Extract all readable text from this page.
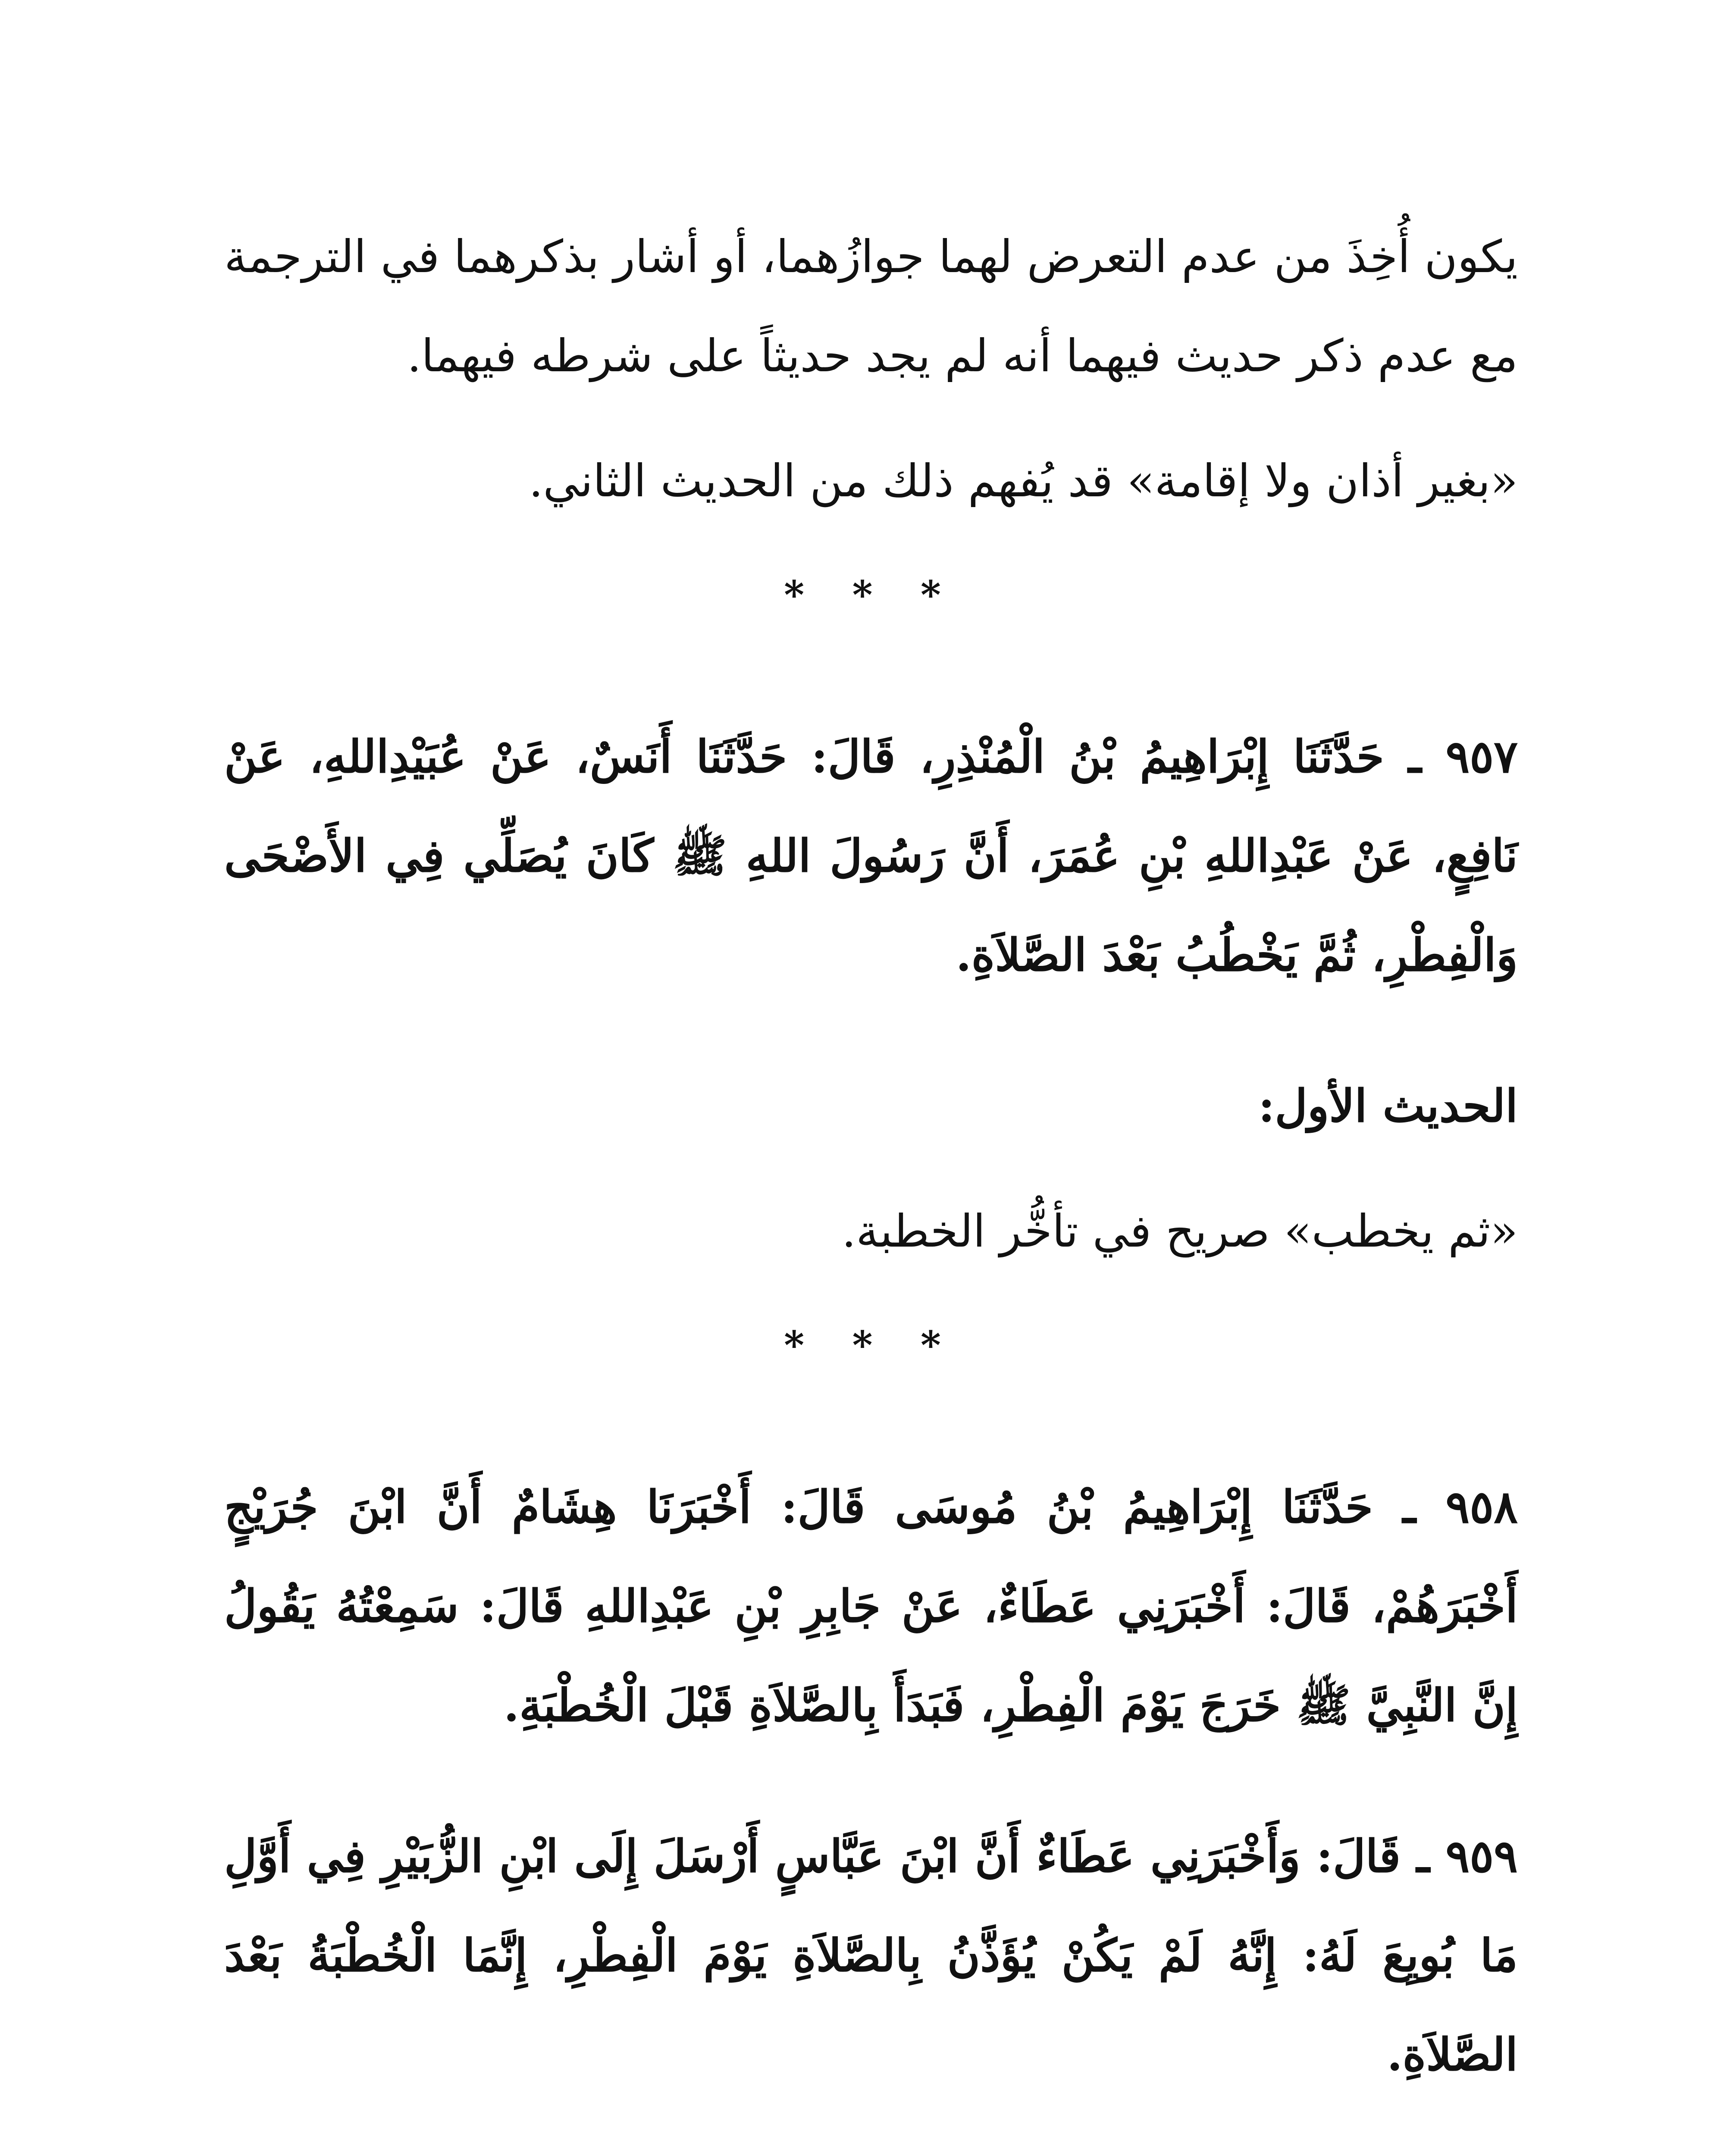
يكون أُخِذَ من عدم التعرض لهما جوازُهما، أو أشار بذكرهما في الترجمة مع عدم ذكر حديث فيهما أنه لم يجد حديثاً على شرطه فيهما.

«بغير أذان ولا إقامة» قد يُفهم ذلك من الحديث الثاني.

* * *

٩٥٧ ـ حَدَّثَنَا إِبْرَاهِيمُ بْنُ الْمُنْذِرِ، قَالَ: حَدَّثَنَا أَنَسٌ، عَنْ عُبَيْدِاللهِ، عَنْ نَافِعٍ، عَنْ عَبْدِاللهِ بْنِ عُمَرَ، أَنَّ رَسُولَ اللهِ ﷺ كَانَ يُصَلِّي فِي الأَضْحَى وَالْفِطْرِ، ثُمَّ يَخْطُبُ بَعْدَ الصَّلاَةِ.

الحديث الأول:

«ثم يخطب» صريح في تأخُّر الخطبة.

* * *

٩٥٨ ـ حَدَّثَنَا إِبْرَاهِيمُ بْنُ مُوسَى قَالَ: أَخْبَرَنَا هِشَامٌ أَنَّ ابْنَ جُرَيْجٍ أَخْبَرَهُمْ، قَالَ: أَخْبَرَنِي عَطَاءٌ، عَنْ جَابِرِ بْنِ عَبْدِاللهِ قَالَ: سَمِعْتُهُ يَقُولُ إِنَّ النَّبِيَّ ﷺ خَرَجَ يَوْمَ الْفِطْرِ، فَبَدَأَ بِالصَّلاَةِ قَبْلَ الْخُطْبَةِ.

٩٥٩ ـ قَالَ: وَأَخْبَرَنِي عَطَاءٌ أَنَّ ابْنَ عَبَّاسٍ أَرْسَلَ إِلَى ابْنِ الزُّبَيْرِ فِي أَوَّلِ مَا بُويِعَ لَهُ: إِنَّهُ لَمْ يَكُنْ يُؤَذَّنُ بِالصَّلاَةِ يَوْمَ الْفِطْرِ، إِنَّمَا الْخُطْبَةُ بَعْدَ الصَّلاَةِ.
